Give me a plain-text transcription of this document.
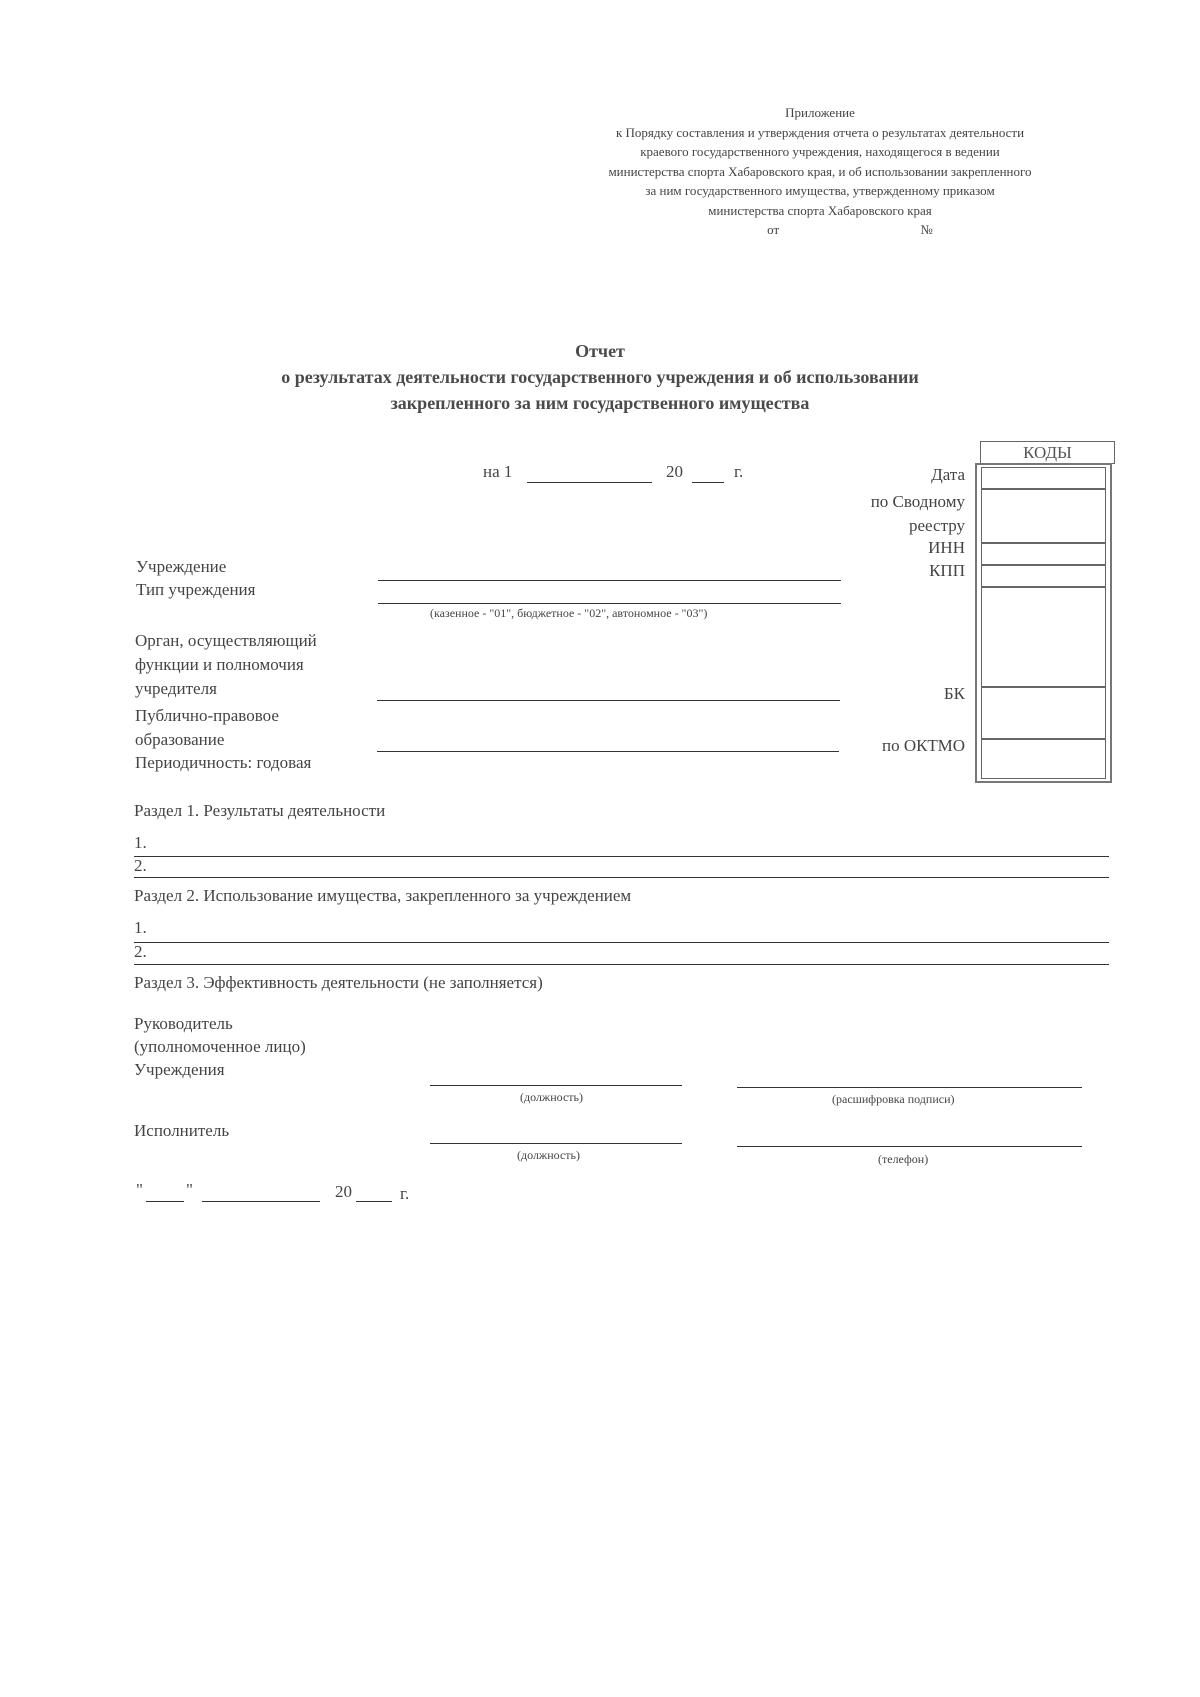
Приложение
к Порядку составления и утверждения отчета о результатах деятельности
краевого государственного учреждения, находящегося в ведении
министерства спорта Хабаровского края, и об использовании закрепленного
за ним государственного имущества, утвержденному приказом
министерства спорта Хабаровского края
от	№
Отчет
о результатах деятельности государственного учреждения и об использовании
закрепленного за ним государственного имущества
на 1	20	г.
КОДЫ
Дата
по Сводному
реестру
ИНН
КПП
БК
по ОКТМО
Учреждение
Тип учреждения
(казенное - "01", бюджетное - "02", автономное - "03")
Орган, осуществляющий
функции и полномочия
учредителя
Публично-правовое
образование
Периодичность: годовая
Раздел 1. Результаты деятельности
1.
2.
Раздел 2. Использование имущества, закрепленного за учреждением
1.
2.
Раздел 3. Эффективность деятельности (не заполняется)
Руководитель
(уполномоченное лицо)
Учреждения
(должность)	(расшифровка подписи)
Исполнитель
(должность)	(телефон)
"	"	20	г.
